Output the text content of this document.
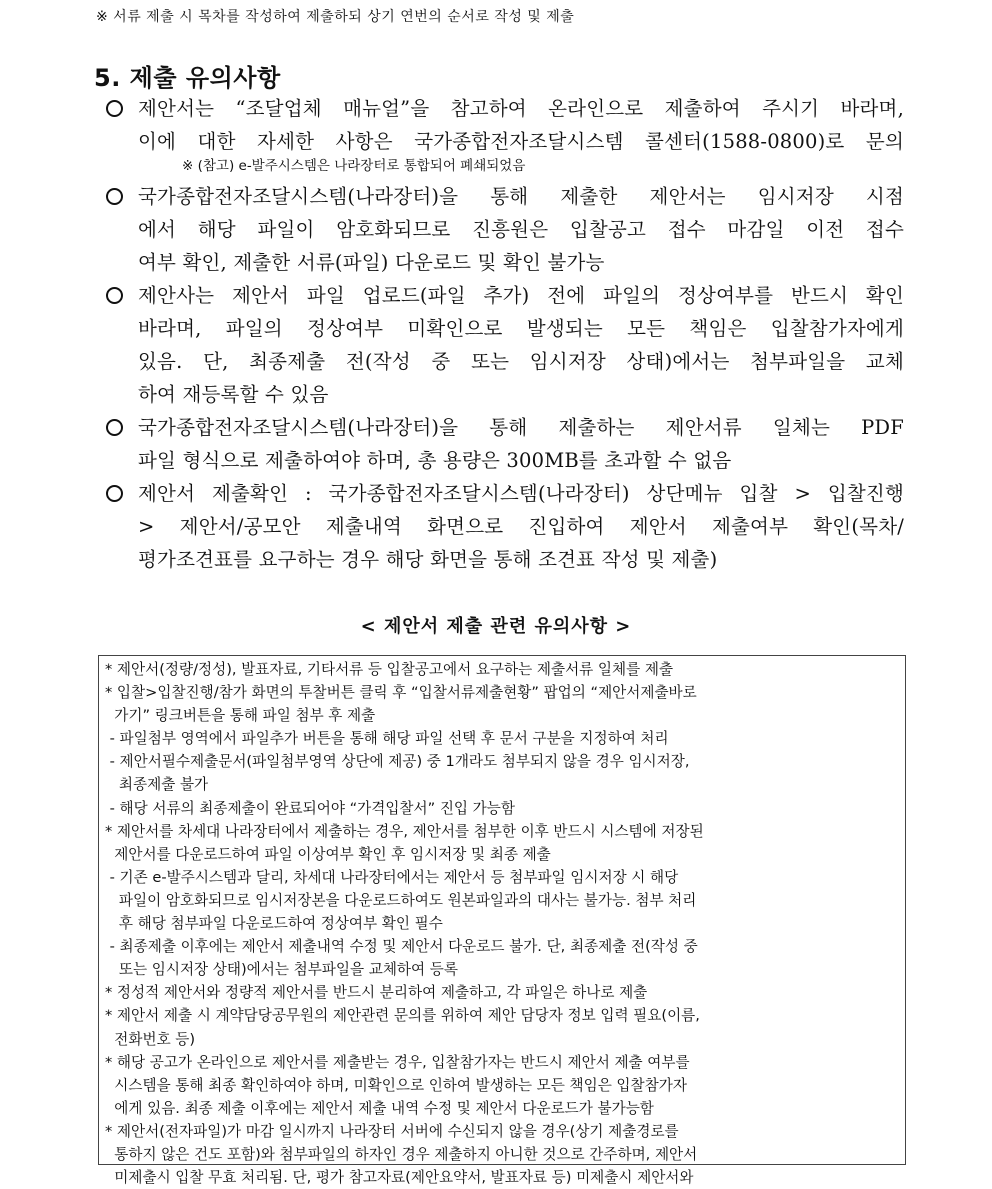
※ 서류 제출 시 목차를 작성하여 제출하되 상기 연번의 순서로 작성 및 제출
5. 제출 유의사항
제안서는 “조달업체 매뉴얼”을 참고하여 온라인으로 제출하여 주시기 바라며,
이에 대한 자세한 사항은 국가종합전자조달시스템 콜센터(1588-0800)로 문의
※ (참고) e-발주시스템은 나라장터로 통합되어 폐쇄되었음
국가종합전자조달시스템(나라장터)을 통해 제출한 제안서는 임시저장 시점
에서 해당 파일이 암호화되므로 진흥원은 입찰공고 접수 마감일 이전 접수
여부 확인, 제출한 서류(파일) 다운로드 및 확인 불가능
제안사는 제안서 파일 업로드(파일 추가) 전에 파일의 정상여부를 반드시 확인
바라며, 파일의 정상여부 미확인으로 발생되는 모든 책임은 입찰참가자에게
있음. 단, 최종제출 전(작성 중 또는 임시저장 상태)에서는 첨부파일을 교체
하여 재등록할 수 있음
국가종합전자조달시스템(나라장터)을 통해 제출하는 제안서류 일체는 PDF
파일 형식으로 제출하여야 하며, 총 용량은 300MB를 초과할 수 없음
제안서 제출확인 : 국가종합전자조달시스템(나라장터) 상단메뉴 입찰 > 입찰진행
> 제안서/공모안 제출내역 화면으로 진입하여 제안서 제출여부 확인(목차/
평가조견표를 요구하는 경우 해당 화면을 통해 조견표 작성 및 제출)
< 제안서 제출 관련 유의사항 >
* 제안서(정량/정성), 발표자료, 기타서류 등 입찰공고에서 요구하는 제출서류 일체를 제출
* 입찰>입찰진행/참가 화면의 투찰버튼 클릭 후 “입찰서류제출현황” 팝업의 “제안서제출바로
가기” 링크버튼을 통해 파일 첨부 후 제출
- 파일첨부 영역에서 파일추가 버튼을 통해 해당 파일 선택 후 문서 구분을 지정하여 처리
- 제안서필수제출문서(파일첨부영역 상단에 제공) 중 1개라도 첨부되지 않을 경우 임시저장,
최종제출 불가
- 해당 서류의 최종제출이 완료되어야 “가격입찰서” 진입 가능함
* 제안서를 차세대 나라장터에서 제출하는 경우, 제안서를 첨부한 이후 반드시 시스템에 저장된
제안서를 다운로드하여 파일 이상여부 확인 후 임시저장 및 최종 제출
- 기존 e-발주시스템과 달리, 차세대 나라장터에서는 제안서 등 첨부파일 임시저장 시 해당
파일이 암호화되므로 임시저장본을 다운로드하여도 원본파일과의 대사는 불가능. 첨부 처리
후 해당 첨부파일 다운로드하여 정상여부 확인 필수
- 최종제출 이후에는 제안서 제출내역 수정 및 제안서 다운로드 불가. 단, 최종제출 전(작성 중
또는 임시저장 상태)에서는 첨부파일을 교체하여 등록
* 정성적 제안서와 정량적 제안서를 반드시 분리하여 제출하고, 각 파일은 하나로 제출
* 제안서 제출 시 계약담당공무원의 제안관련 문의를 위하여 제안 담당자 정보 입력 필요(이름,
전화번호 등)
* 해당 공고가 온라인으로 제안서를 제출받는 경우, 입찰참가자는 반드시 제안서 제출 여부를
시스템을 통해 최종 확인하여야 하며, 미확인으로 인하여 발생하는 모든 책임은 입찰참가자
에게 있음. 최종 제출 이후에는 제안서 제출 내역 수정 및 제안서 다운로드가 불가능함
* 제안서(전자파일)가 마감 일시까지 나라장터 서버에 수신되지 않을 경우(상기 제출경로를
통하지 않은 건도 포함)와 첨부파일의 하자인 경우 제출하지 아니한 것으로 간주하며, 제안서
미제출시 입찰 무효 처리됨. 단, 평가 참고자료(제안요약서, 발표자료 등) 미제출시 제안서와
